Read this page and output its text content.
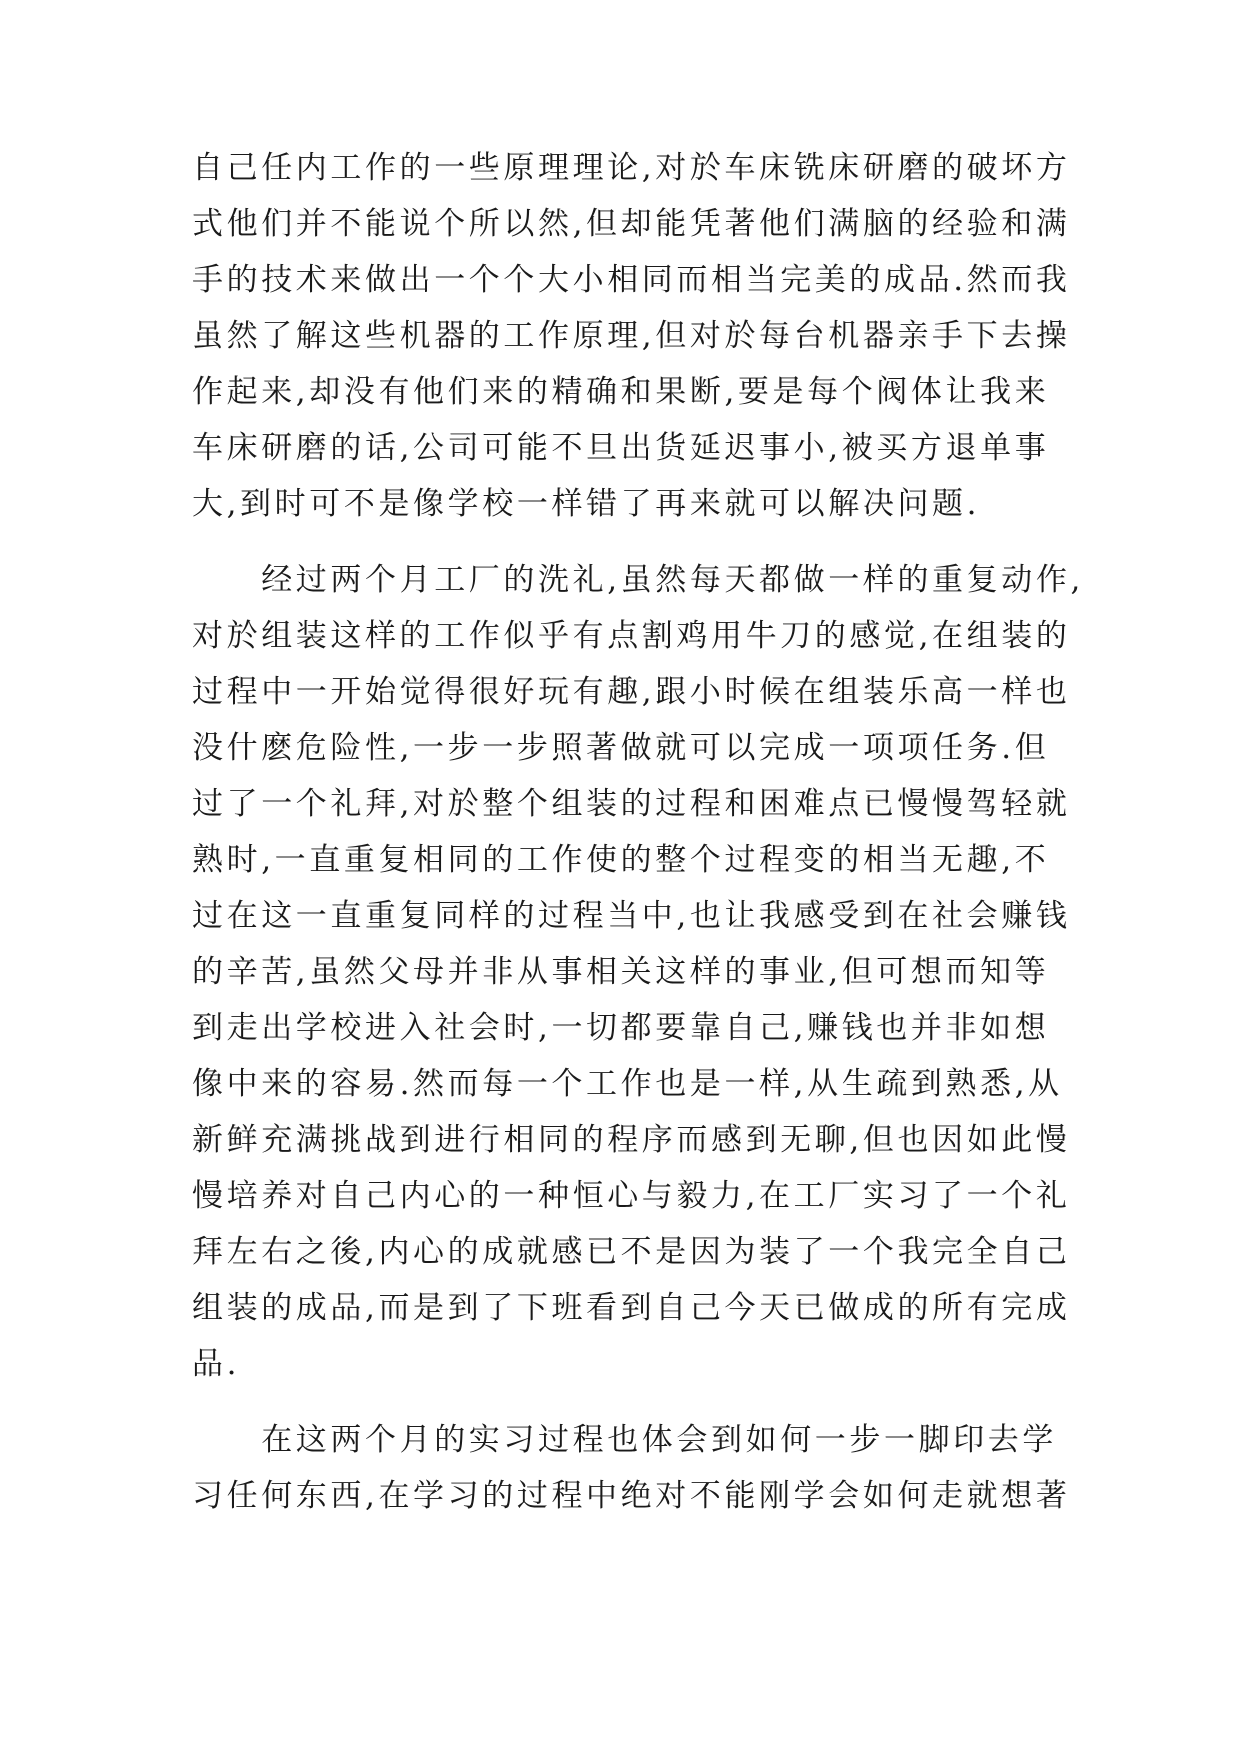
自己任内工作的一些原理理论,对於车床铣床研磨的破坏方
式他们并不能说个所以然,但却能凭著他们满脑的经验和满
手的技术来做出一个个大小相同而相当完美的成品.然而我
虽然了解这些机器的工作原理,但对於每台机器亲手下去操
作起来,却没有他们来的精确和果断,要是每个阀体让我来
车床研磨的话,公司可能不旦出货延迟事小,被买方退单事
大,到时可不是像学校一样错了再来就可以解决问题.
　　经过两个月工厂的洗礼,虽然每天都做一样的重复动作,
对於组装这样的工作似乎有点割鸡用牛刀的感觉,在组装的
过程中一开始觉得很好玩有趣,跟小时候在组装乐高一样也
没什麽危险性,一步一步照著做就可以完成一项项任务.但
过了一个礼拜,对於整个组装的过程和困难点已慢慢驾轻就
熟时,一直重复相同的工作使的整个过程变的相当无趣,不
过在这一直重复同样的过程当中,也让我感受到在社会赚钱
的辛苦,虽然父母并非从事相关这样的事业,但可想而知等
到走出学校进入社会时,一切都要靠自己,赚钱也并非如想
像中来的容易.然而每一个工作也是一样,从生疏到熟悉,从
新鲜充满挑战到进行相同的程序而感到无聊,但也因如此慢
慢培养对自己内心的一种恒心与毅力,在工厂实习了一个礼
拜左右之後,内心的成就感已不是因为装了一个我完全自己
组装的成品,而是到了下班看到自己今天已做成的所有完成
品.
　　在这两个月的实习过程也体会到如何一步一脚印去学
习任何东西,在学习的过程中绝对不能刚学会如何走就想著
